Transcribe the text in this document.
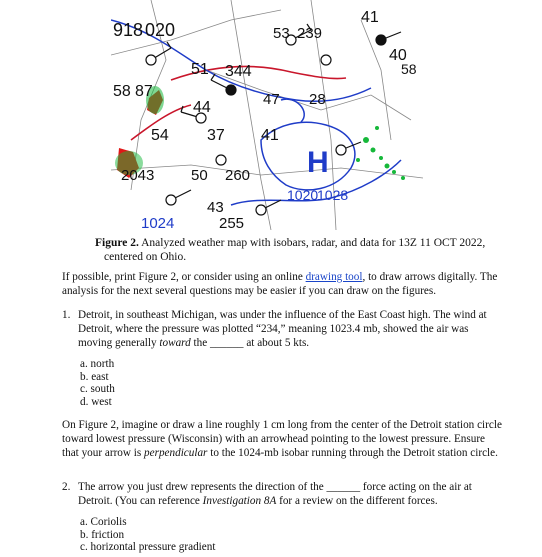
918 020	53 239
41
40
58
58 87
51 344
47 28
44
54 37 41
2043 50 260 H
1020
1028
43
255
1024
Figure 2. Analyzed weather map with isobars, radar, and data for 13Z 11 OCT 2022,
centered on Ohio.
If possible, print Figure 2, or consider using an online drawing tool, to draw arrows digitally. The analysis for the next several questions may be easier if you can draw on the figures.
1. Detroit, in southeast Michigan, was under the influence of the East Coast high. The wind at Detroit, where the pressure was plotted “234,” meaning 1023.4 mb, showed the air was moving generally toward the ______ at about 5 kts.
a. north
b. east
c. south
d. west
On Figure 2, imagine or draw a line roughly 1 cm long from the center of the Detroit station circle toward lowest pressure (Wisconsin) with an arrowhead pointing to the lowest pressure. Ensure that your arrow is perpendicular to the 1024-mb isobar running through the Detroit station circle.
2. The arrow you just drew represents the direction of the ______ force acting on the air at Detroit. (You can reference Investigation 8A for a review on the different forces.
a. Coriolis
b. friction
c. horizontal pressure gradient
